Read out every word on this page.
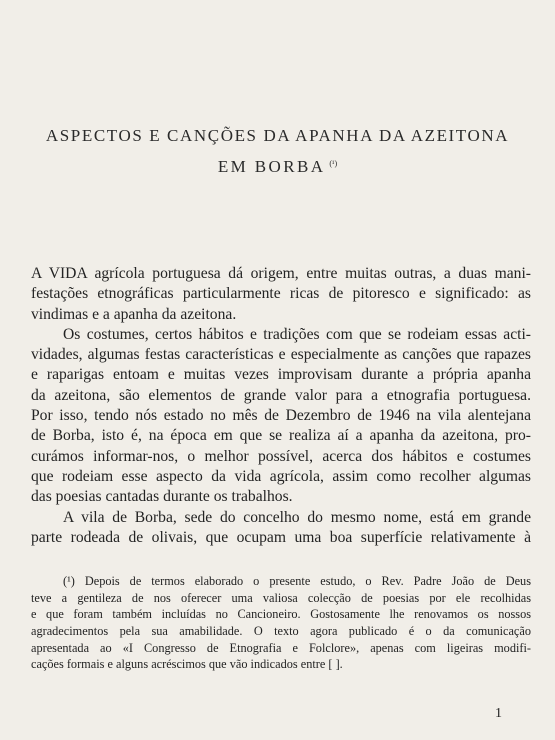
ASPECTOS E CANÇÕES DA APANHA DA AZEITONA
EM BORBA $^{(^1)}$
A VIDA agrícola portuguesa dá origem, entre muitas outras, a duas mani-
festações etnográficas particularmente ricas de pitoresco e significado: as
vindimas e a apanha da azeitona.
Os costumes, certos hábitos e tradições com que se rodeiam essas acti-
vidades, algumas festas características e especialmente as canções que rapazes
e raparigas entoam e muitas vezes improvisam durante a própria apanha
da azeitona, são elementos de grande valor para a etnografia portuguesa.
Por isso, tendo nós estado no mês de Dezembro de 1946 na vila alentejana
de Borba, isto é, na época em que se realiza aí a apanha da azeitona, pro-
curámos informar-nos, o melhor possível, acerca dos hábitos e costumes
que rodeiam esse aspecto da vida agrícola, assim como recolher algumas
das poesias cantadas durante os trabalhos.
A vila de Borba, sede do concelho do mesmo nome, está em grande
parte rodeada de olivais, que ocupam uma boa superfície relativamente à
(¹) Depois de termos elaborado o presente estudo, o Rev. Padre João de Deus
teve a gentileza de nos oferecer uma valiosa colecção de poesias por ele recolhidas
e que foram também incluídas no Cancioneiro. Gostosamente lhe renovamos os nossos
agradecimentos pela sua amabilidade. O texto agora publicado é o da comunicação
apresentada ao «I Congresso de Etnografia e Folclore», apenas com ligeiras modifi-
cações formais e alguns acréscimos que vão indicados entre [ ].
1
